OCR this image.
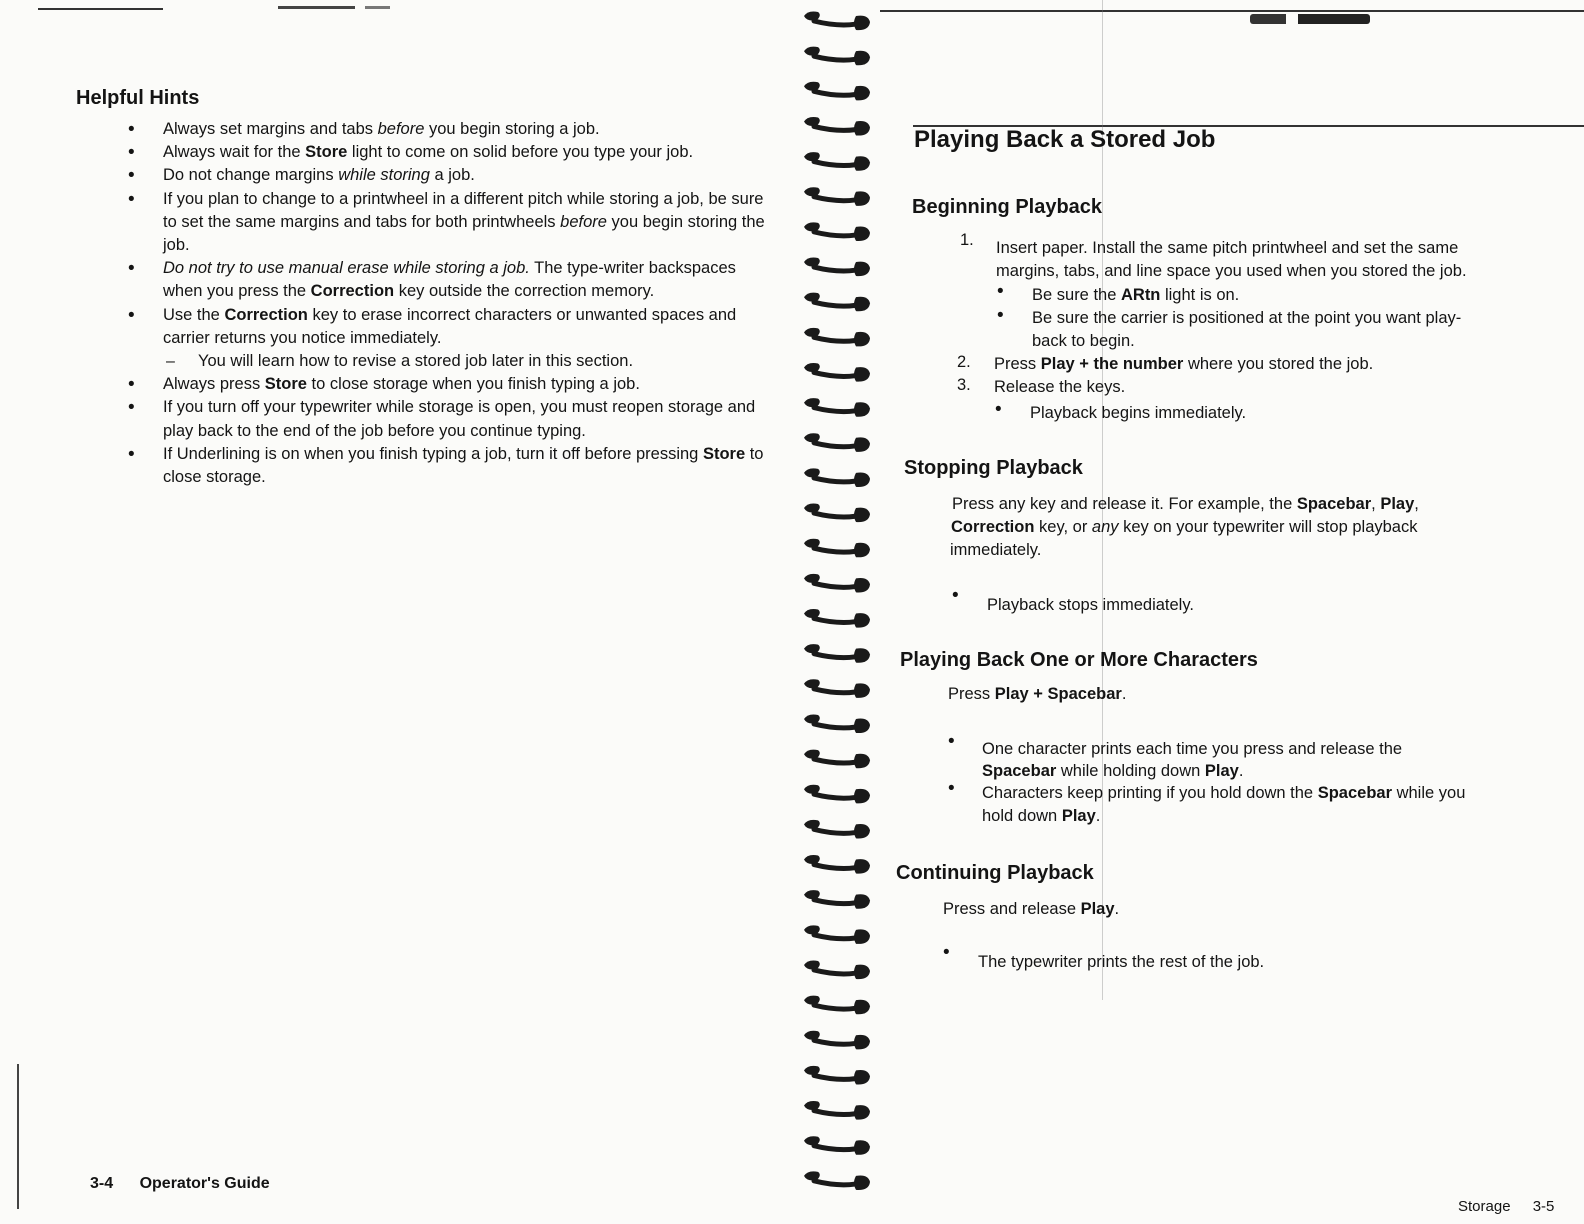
Helpful Hints
• Always set margins and tabs before you begin storing a job.
• Always wait for the Store light to come on solid before you type your job.
• Do not change margins while storing a job.
• If you plan to change to a printwheel in a different pitch while storing a job, be sure to set the same margins and tabs for both printwheels before you begin storing the job.
• Do not try to use manual erase while storing a job. The type-writer backspaces when you press the Correction key outside the correction memory.
• Use the Correction key to erase incorrect characters or unwanted spaces and carrier returns you notice immediately.
– You will learn how to revise a stored job later in this section.
• Always press Store to close storage when you finish typing a job.
• If you turn off your typewriter while storage is open, you must reopen storage and play back to the end of the job before you continue typing.
• If Underlining is on when you finish typing a job, turn it off before pressing Store to close storage.
3-4 Operator's Guide
Playing Back a Stored Job
Beginning Playback
1. Insert paper. Install the same pitch printwheel and set the same
margins, tabs, and line space you used when you stored the job.
• Be sure the ARtn light is on.
• Be sure the carrier is positioned at the point you want play-
back to begin.
2. Press Play + the number where you stored the job.
3. Release the keys.
• Playback begins immediately.
Stopping Playback
Press any key and release it. For example, the Spacebar, Play,
Correction key, or any key on your typewriter will stop playback
immediately.
• Playback stops immediately.
Playing Back One or More Characters
Press Play + Spacebar.
• One character prints each time you press and release the
Spacebar while holding down Play.
• Characters keep printing if you hold down the Spacebar while you
hold down Play.
Continuing Playback
Press and release Play.
• The typewriter prints the rest of the job.
Storage 3-5
